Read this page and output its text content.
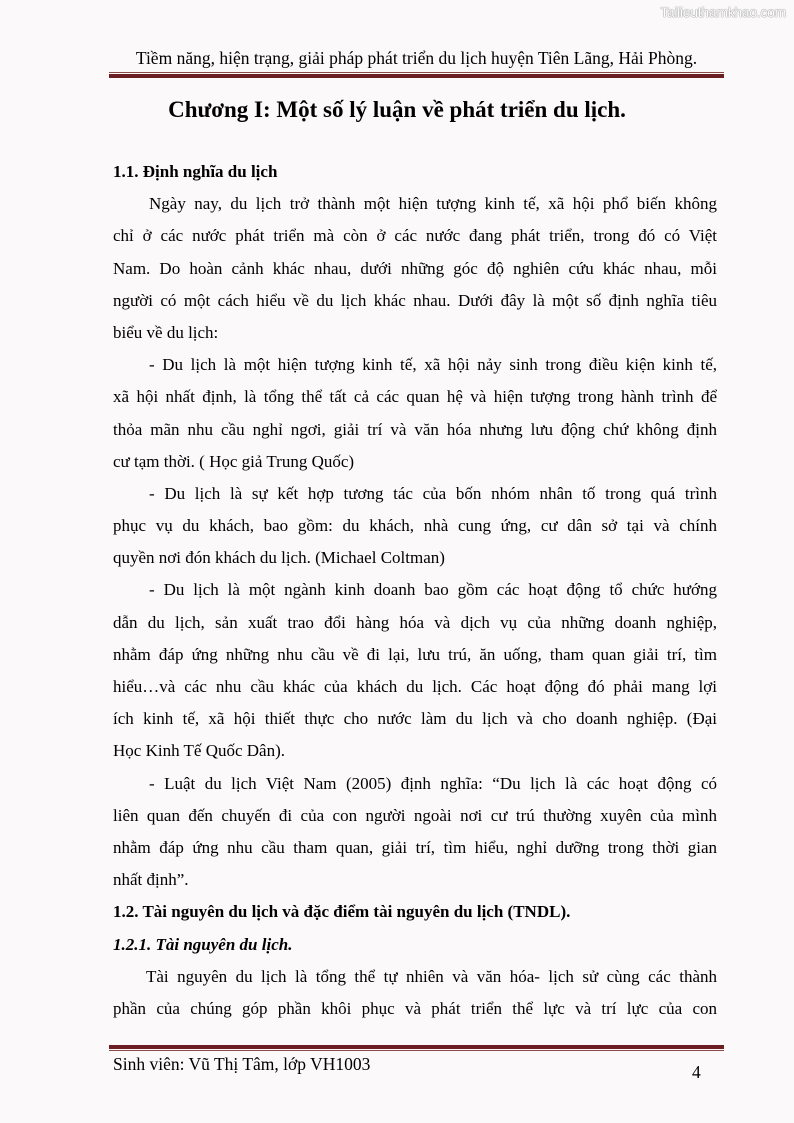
Tailieuthamkhao.com
Tiềm năng, hiện trạng, giải pháp phát triển du lịch huyện Tiên Lãng, Hải Phòng.
Chương I: Một số lý luận về phát triển du lịch.
1.1. Định nghĩa du lịch
Ngày nay, du lịch trở thành một hiện tượng kinh tế, xã hội phổ biến không
chỉ ở các nước phát triển mà còn ở các nước đang phát triển, trong đó có Việt
Nam. Do hoàn cảnh khác nhau, dưới những góc độ nghiên cứu khác nhau, mỗi
người có một cách hiểu về du lịch khác nhau. Dưới đây là một số định nghĩa tiêu
biểu về du lịch:
- Du lịch là một hiện tượng kinh tế, xã hội nảy sinh trong điều kiện kinh tế,
xã hội nhất định, là tổng thể tất cả các quan hệ và hiện tượng trong hành trình để
thỏa mãn nhu cầu nghỉ ngơi, giải trí và văn hóa nhưng lưu động chứ không định
cư tạm thời. ( Học giả Trung Quốc)
- Du lịch là sự kết hợp tương tác của bốn nhóm nhân tố trong quá trình
phục vụ du khách, bao gồm: du khách, nhà cung ứng, cư dân sở tại và chính
quyền nơi đón khách du lịch. (Michael Coltman)
- Du lịch là một ngành kinh doanh bao gồm các hoạt động tổ chức hướng
dẫn du lịch, sản xuất trao đổi hàng hóa và dịch vụ của những doanh nghiệp,
nhằm đáp ứng những nhu cầu về đi lại, lưu trú, ăn uống, tham quan giải trí, tìm
hiểu…và các nhu cầu khác của khách du lịch. Các hoạt động đó phải mang lợi
ích kinh tế, xã hội thiết thực cho nước làm du lịch và cho doanh nghiệp. (Đại
Học Kinh Tế Quốc Dân).
- Luật du lịch Việt Nam (2005) định nghĩa: “Du lịch là các hoạt động có
liên quan đến chuyến đi của con người ngoài nơi cư trú thường xuyên của mình
nhằm đáp ứng nhu cầu tham quan, giải trí, tìm hiểu, nghỉ dưỡng trong thời gian
nhất định”.
1.2. Tài nguyên du lịch và đặc điểm tài nguyên du lịch (TNDL).
1.2.1. Tài nguyên du lịch.
Tài nguyên du lịch là tổng thể tự nhiên và văn hóa- lịch sử cùng các thành
phần của chúng góp phần khôi phục và phát triển thể lực và trí lực của con
Sinh viên: Vũ Thị Tâm, lớp VH1003	4
